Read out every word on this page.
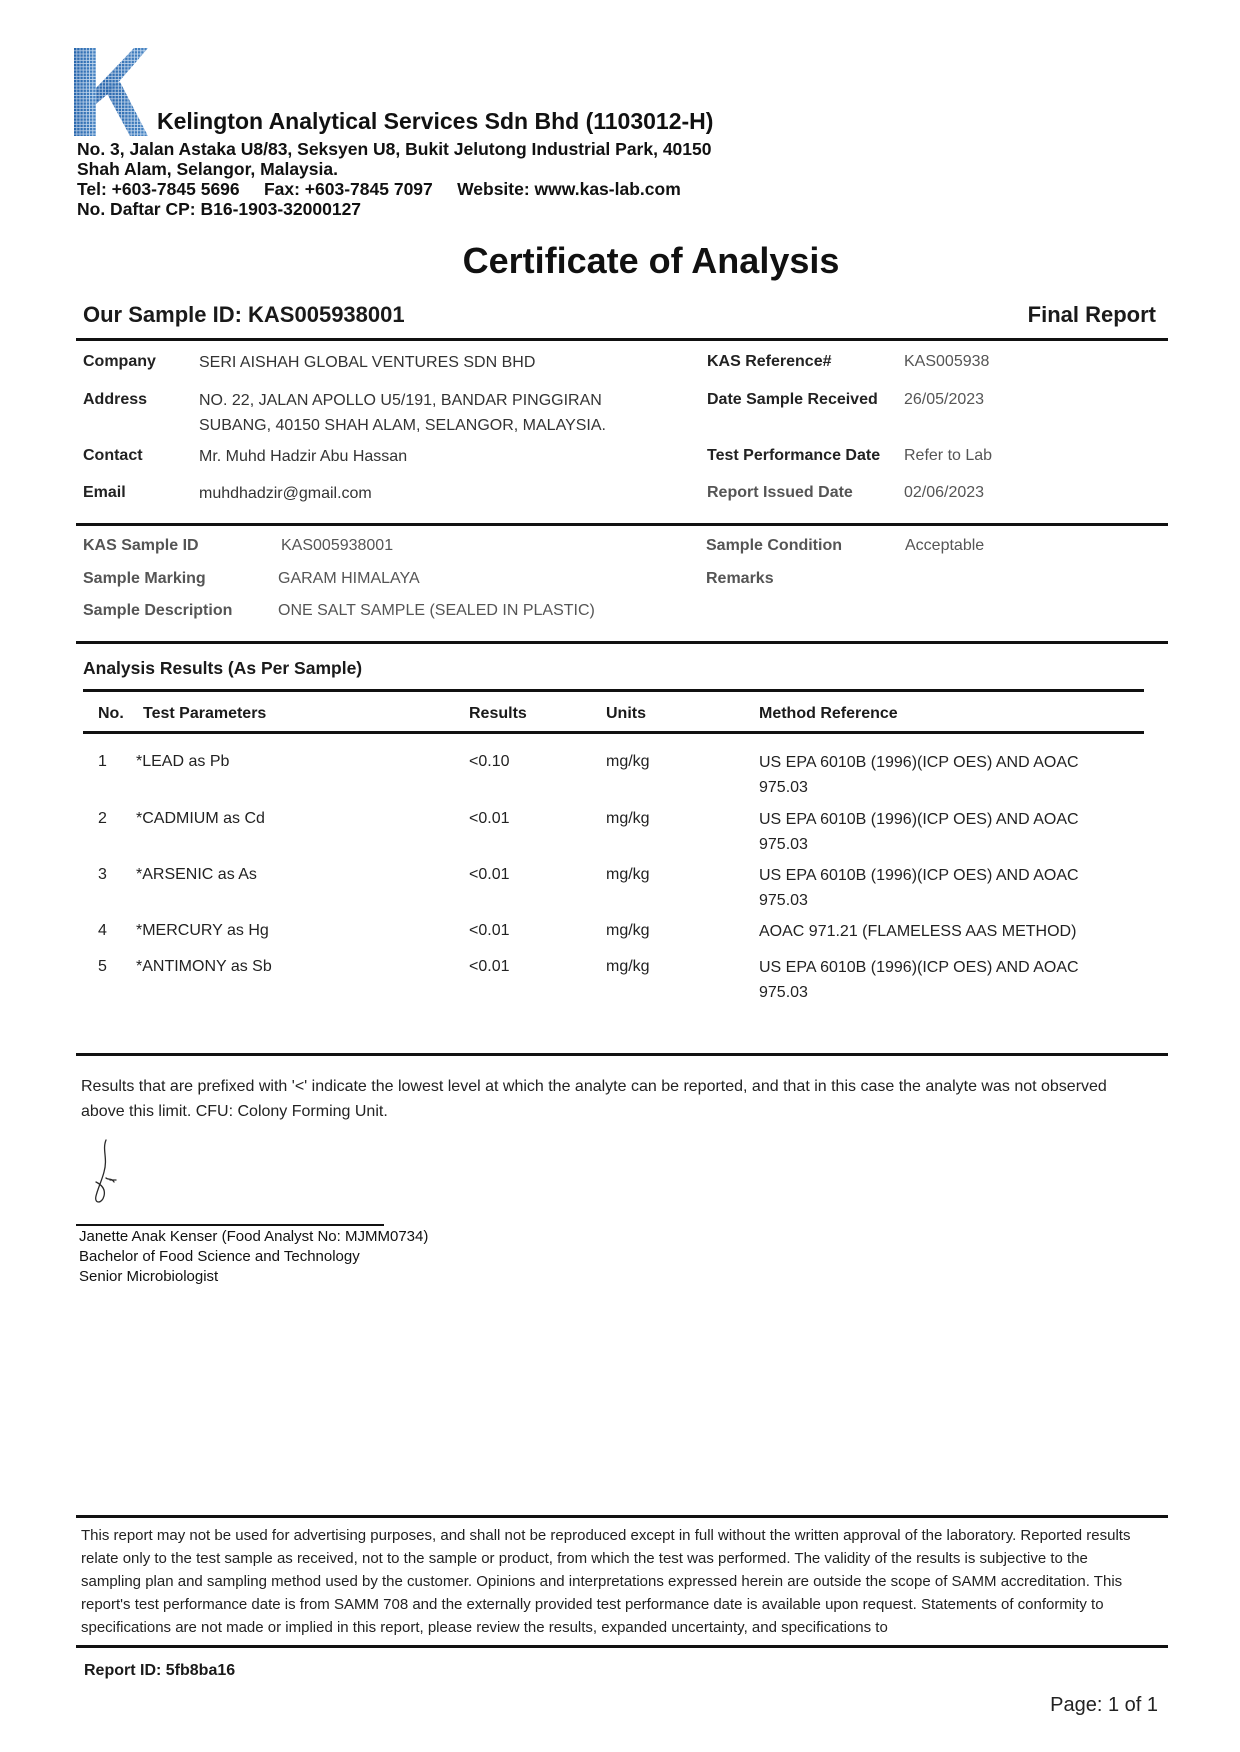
Kelington Analytical Services Sdn Bhd (1103012-H)
No. 3, Jalan Astaka U8/83, Seksyen U8, Bukit Jelutong Industrial Park, 40150
Shah Alam, Selangor, Malaysia.
Tel: +603-7845 5696     Fax: +603-7845 7097     Website: www.kas-lab.com
No. Daftar CP: B16-1903-32000127
Certificate of Analysis
Our Sample ID: KAS005938001	Final Report
Company	SERI AISHAH GLOBAL VENTURES SDN BHD
Address	NO. 22, JALAN APOLLO U5/191, BANDAR PINGGIRAN
SUBANG, 40150 SHAH ALAM, SELANGOR, MALAYSIA.
Contact	Mr. Muhd Hadzir Abu Hassan
Email	muhdhadzir@gmail.com
KAS Reference#	KAS005938
Date Sample Received 26/05/2023
Test Performance Date Refer to Lab
Report Issued Date	02/06/2023
KAS Sample ID	KAS005938001
Sample Marking	GARAM HIMALAYA
Sample Description	ONE SALT SAMPLE (SEALED IN PLASTIC)
Sample Condition	Acceptable
Remarks
Analysis Results (As Per Sample)
No. Test Parameters	Results	Units	Method Reference
1 *LEAD as Pb	<0.10	mg/kg	US EPA 6010B (1996)(ICP OES) AND AOAC
975.03
2 *CADMIUM as Cd	<0.01	mg/kg	US EPA 6010B (1996)(ICP OES) AND AOAC
975.03
3 *ARSENIC as As	<0.01	mg/kg	US EPA 6010B (1996)(ICP OES) AND AOAC
975.03
4 *MERCURY as Hg	<0.01	mg/kg	AOAC 971.21 (FLAMELESS AAS METHOD)
5 *ANTIMONY as Sb	<0.01	mg/kg	US EPA 6010B (1996)(ICP OES) AND AOAC
975.03
Results that are prefixed with '<' indicate the lowest level at which the analyte can be reported, and that in this case the analyte was not observed above this limit. CFU: Colony Forming Unit.
Janette Anak Kenser (Food Analyst No: MJMM0734)
Bachelor of Food Science and Technology
Senior Microbiologist
This report may not be used for advertising purposes, and shall not be reproduced except in full without the written approval of the laboratory. Reported results relate only to the test sample as received, not to the sample or product, from which the test was performed. The validity of the results is subjective to the sampling plan and sampling method used by the customer. Opinions and interpretations expressed herein are outside the scope of SAMM accreditation. This report's test performance date is from SAMM 708 and the externally provided test performance date is available upon request. Statements of conformity to specifications are not made or implied in this report, please review the results, expanded uncertainty, and specifications to
Report ID: 5fb8ba16
Page: 1 of 1
